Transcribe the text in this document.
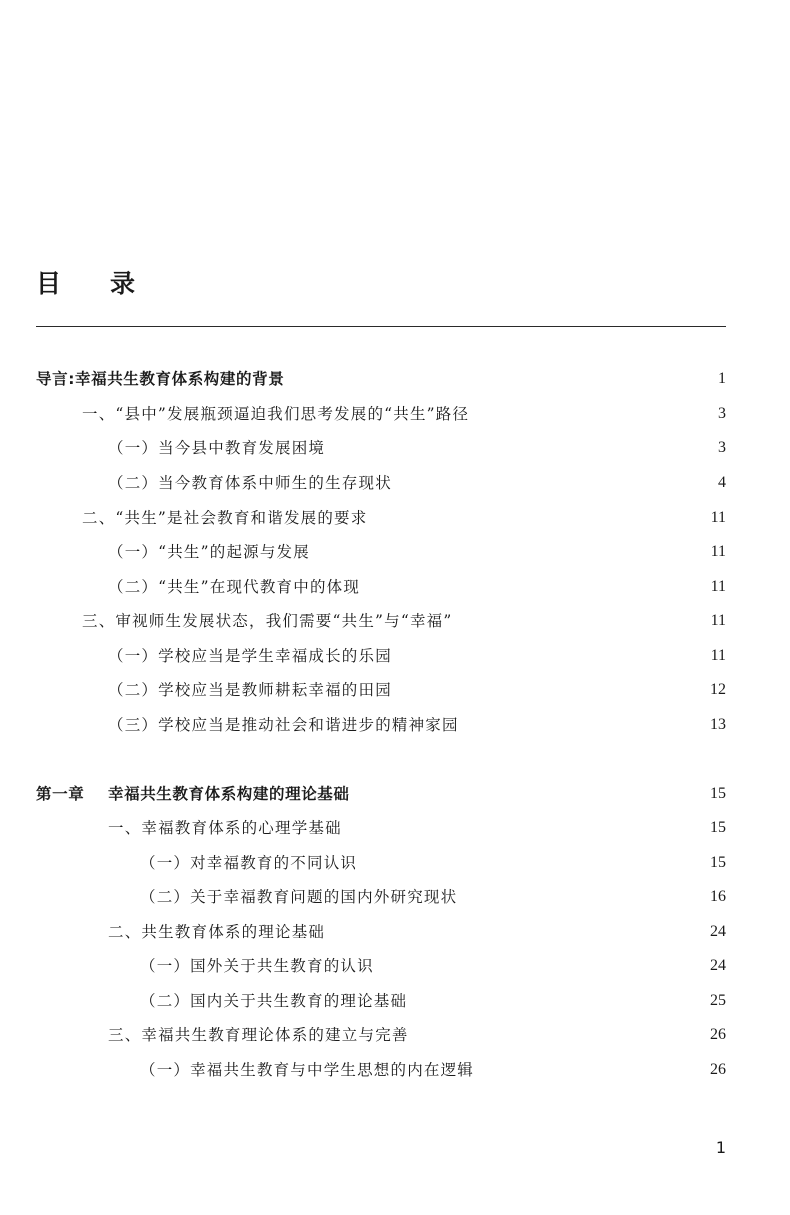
目　录
导言:幸福共生教育体系构建的背景	1
一、“县中”发展瓶颈逼迫我们思考发展的“共生”路径	3
（一）当今县中教育发展困境	3
（二）当今教育体系中师生的生存现状	4
二、“共生”是社会教育和谐发展的要求	11
（一）“共生”的起源与发展	11
（二）“共生”在现代教育中的体现	11
三、审视师生发展状态，我们需要“共生”与“幸福”	11
（一）学校应当是学生幸福成长的乐园	11
（二）学校应当是教师耕耘幸福的田园	12
（三）学校应当是推动社会和谐进步的精神家园	13
第一章 幸福共生教育体系构建的理论基础	15
一、幸福教育体系的心理学基础	15
（一）对幸福教育的不同认识	15
（二）关于幸福教育问题的国内外研究现状	16
二、共生教育体系的理论基础	24
（一）国外关于共生教育的认识	24
（二）国内关于共生教育的理论基础	25
三、幸福共生教育理论体系的建立与完善	26
（一）幸福共生教育与中学生思想的内在逻辑	26
1
